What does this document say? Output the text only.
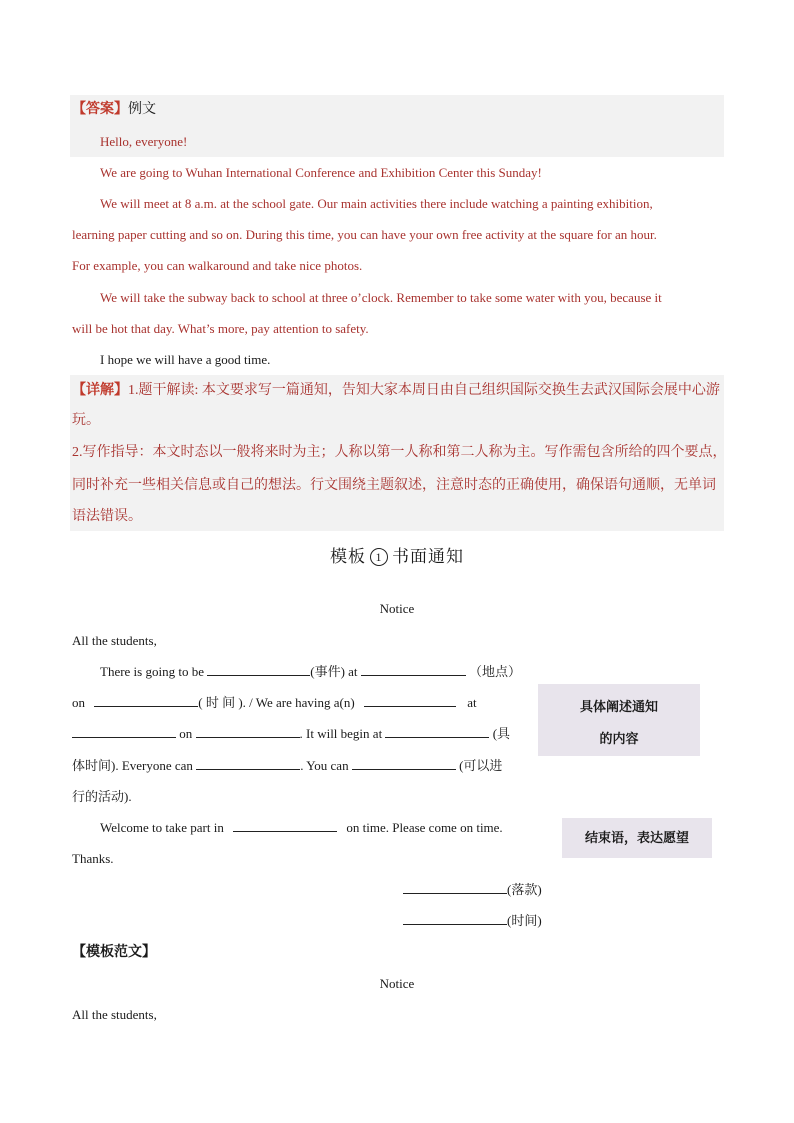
【答案】例文
Hello, everyone!
We are going to Wuhan International Conference and Exhibition Center this Sunday!
We will meet at 8 a.m. at the school gate. Our main activities there include watching a painting exhibition,
learning paper cutting and so on. During this time, you can have your own free activity at the square for an hour.
For example, you can walkaround and take nice photos.
We will take the subway back to school at three o’clock. Remember to take some water with you, because it
will be hot that day. What’s more, pay attention to safety.
I hope we will have a good time.
【详解】1.题干解读: 本文要求写一篇通知，告知大家本周日由自己组织国际交换生去武汉国际会展中心游
玩。
2.写作指导：本文时态以一般将来时为主；人称以第一人称和第二人称为主。写作需包含所给的四个要点，
同时补充一些相关信息或自己的想法。行文围绕主题叙述，注意时态的正确使用，确保语句通顺，无单词
语法错误。
模板 1 书面通知
Notice
All the students,
There is going to be	(事件) at	（地点）
on	( 时 间 ). / We are having a(n)	at
on	. It will begin at	(具
体时间). Everyone can	. You can	(可以进
行的活动).
Welcome to take part in	on time. Please come on time.
Thanks.
(落款)
(时间)
具体阐述通知
的内容
结束语，表达愿望
【模板范文】
Notice
All the students,
